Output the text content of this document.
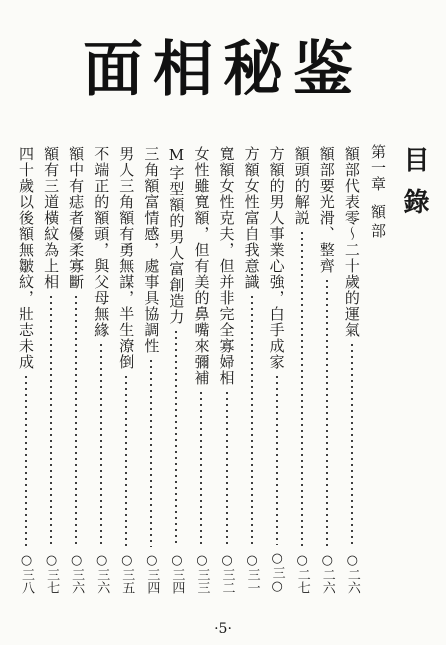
面相秘鉴
目錄
第一章額部
額部代表零～二十歲的運氣
○二六
額部要光滑、整齊
○二六
額頭的解説
○二七
方額的男人事業心強，白手成家
○三○
方額女性富自我意識
○三一
寬額女性克夫，但并非完全寡婦相
○三二
女性雖寬額，但有美的鼻嘴來彌補
○三三
M字型額的男人富創造力
○三四
三角額富情感，處事具協調性
○三四
男人三角額有勇無謀，半生潦倒
○三五
不端正的額頭，與父母無緣
○三六
額中有痣者優柔寡斷
○三六
額有三道橫紋為上相
○三七
四十歲以後額無皺紋，壯志未成
○三八
·5·
